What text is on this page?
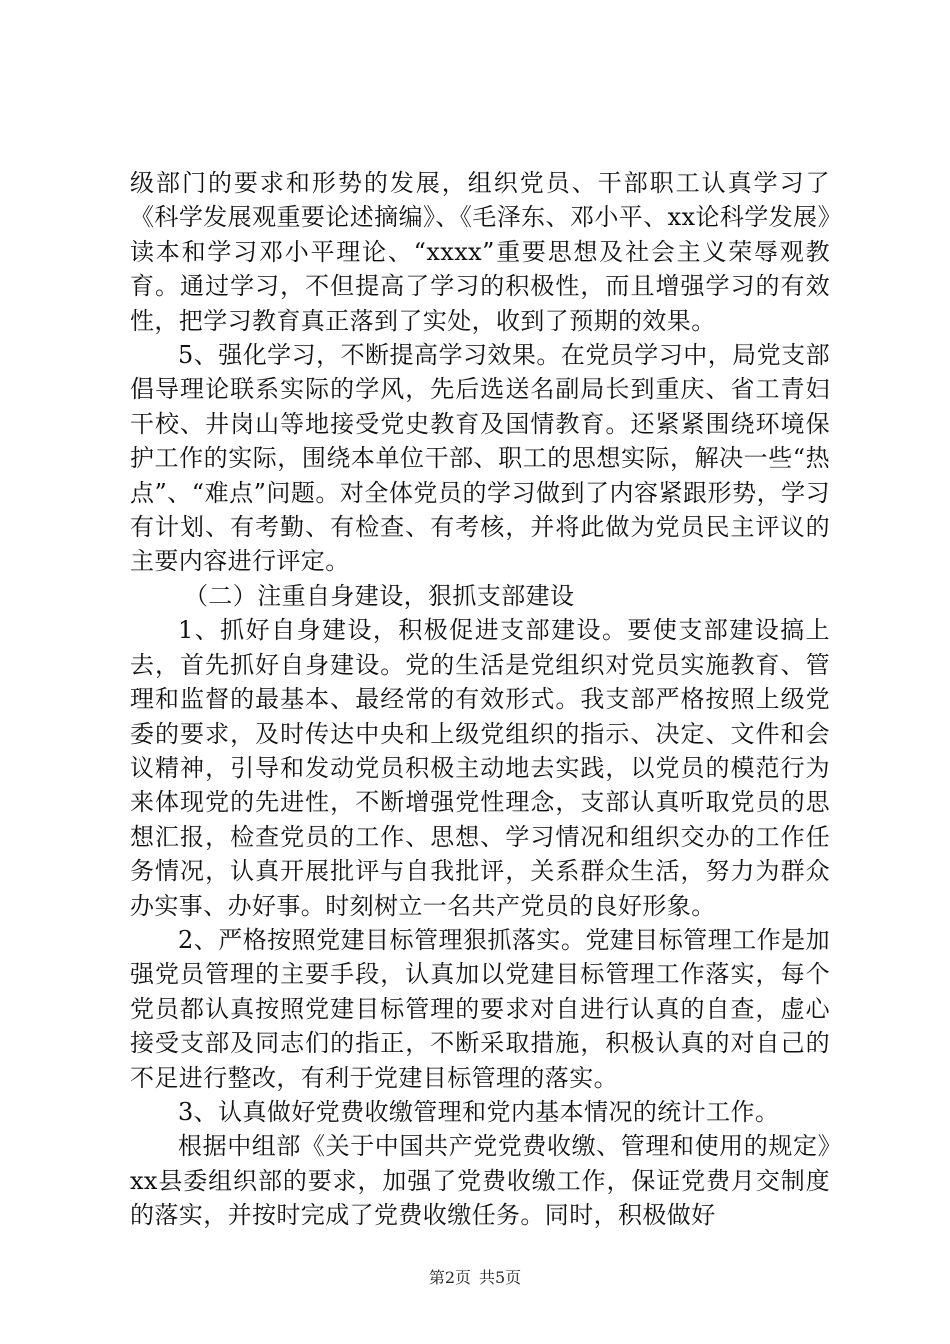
级部门的要求和形势的发展，组织党员、干部职工认真学习了《科学发展观重要论述摘编》、《毛泽东、邓小平、xx论科学发展》读本和学习邓小平理论、“xxxx”重要思想及社会主义荣辱观教育。通过学习，不但提高了学习的积极性，而且增强学习的有效性，把学习教育真正落到了实处，收到了预期的效果。

5、强化学习，不断提高学习效果。在党员学习中，局党支部倡导理论联系实际的学风，先后选送名副局长到重庆、省工青妇干校、井岗山等地接受党史教育及国情教育。还紧紧围绕环境保护工作的实际，围绕本单位干部、职工的思想实际，解决一些“热点”、“难点”问题。对全体党员的学习做到了内容紧跟形势，学习有计划、有考勤、有检查、有考核，并将此做为党员民主评议的主要内容进行评定。

（二）注重自身建设，狠抓支部建设

1、抓好自身建设，积极促进支部建设。要使支部建设搞上去，首先抓好自身建设。党的生活是党组织对党员实施教育、管理和监督的最基本、最经常的有效形式。我支部严格按照上级党委的要求，及时传达中央和上级党组织的指示、决定、文件和会议精神，引导和发动党员积极主动地去实践，以党员的模范行为来体现党的先进性，不断增强党性理念，支部认真听取党员的思想汇报，检查党员的工作、思想、学习情况和组织交办的工作任务情况，认真开展批评与自我批评，关系群众生活，努力为群众办实事、办好事。时刻树立一名共产党员的良好形象。

2、严格按照党建目标管理狠抓落实。党建目标管理工作是加强党员管理的主要手段，认真加以党建目标管理工作落实，每个党员都认真按照党建目标管理的要求对自进行认真的自查，虚心接受支部及同志们的指正，不断采取措施，积极认真的对自己的不足进行整改，有利于党建目标管理的落实。

3、认真做好党费收缴管理和党内基本情况的统计工作。

根据中组部《关于中国共产党党费收缴、管理和使用的规定》xx县委组织部的要求，加强了党费收缴工作，保证党费月交制度的落实，并按时完成了党费收缴任务。同时，积极做好

第2页 共5页
